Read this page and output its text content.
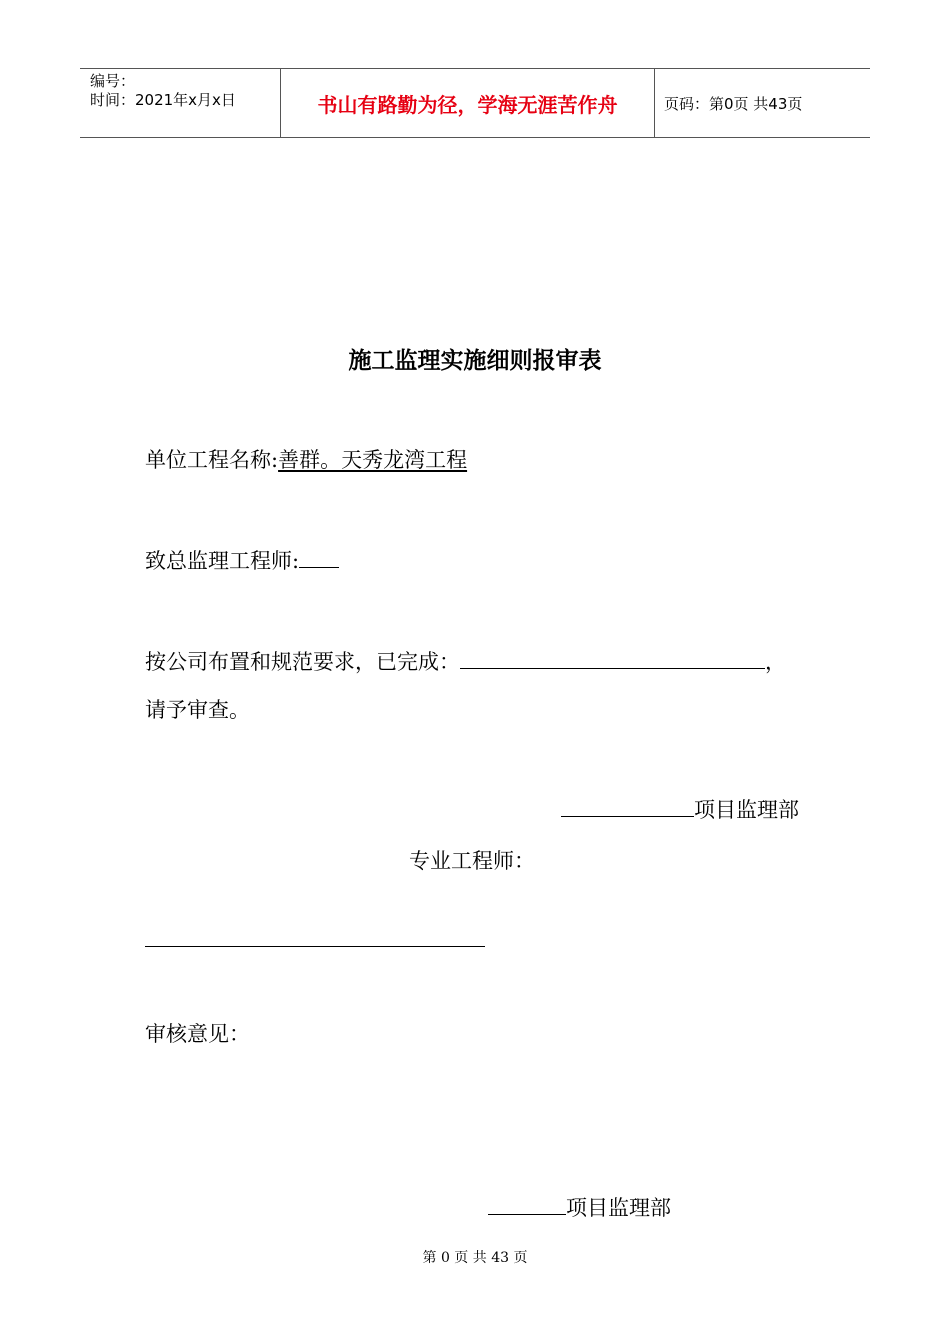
编号：
时间：2021年x月x日	书山有路勤为径，学海无涯苦作舟	页码：第0页 共43页
施工监理实施细则报审表
单位工程名称:善群。天秀龙湾工程
致总监理工程师:
按公司布置和规范要求，已完成：	，
请予审查。
项目监理部
专业工程师：
审核意见：
项目监理部
第 0 页 共 43 页
